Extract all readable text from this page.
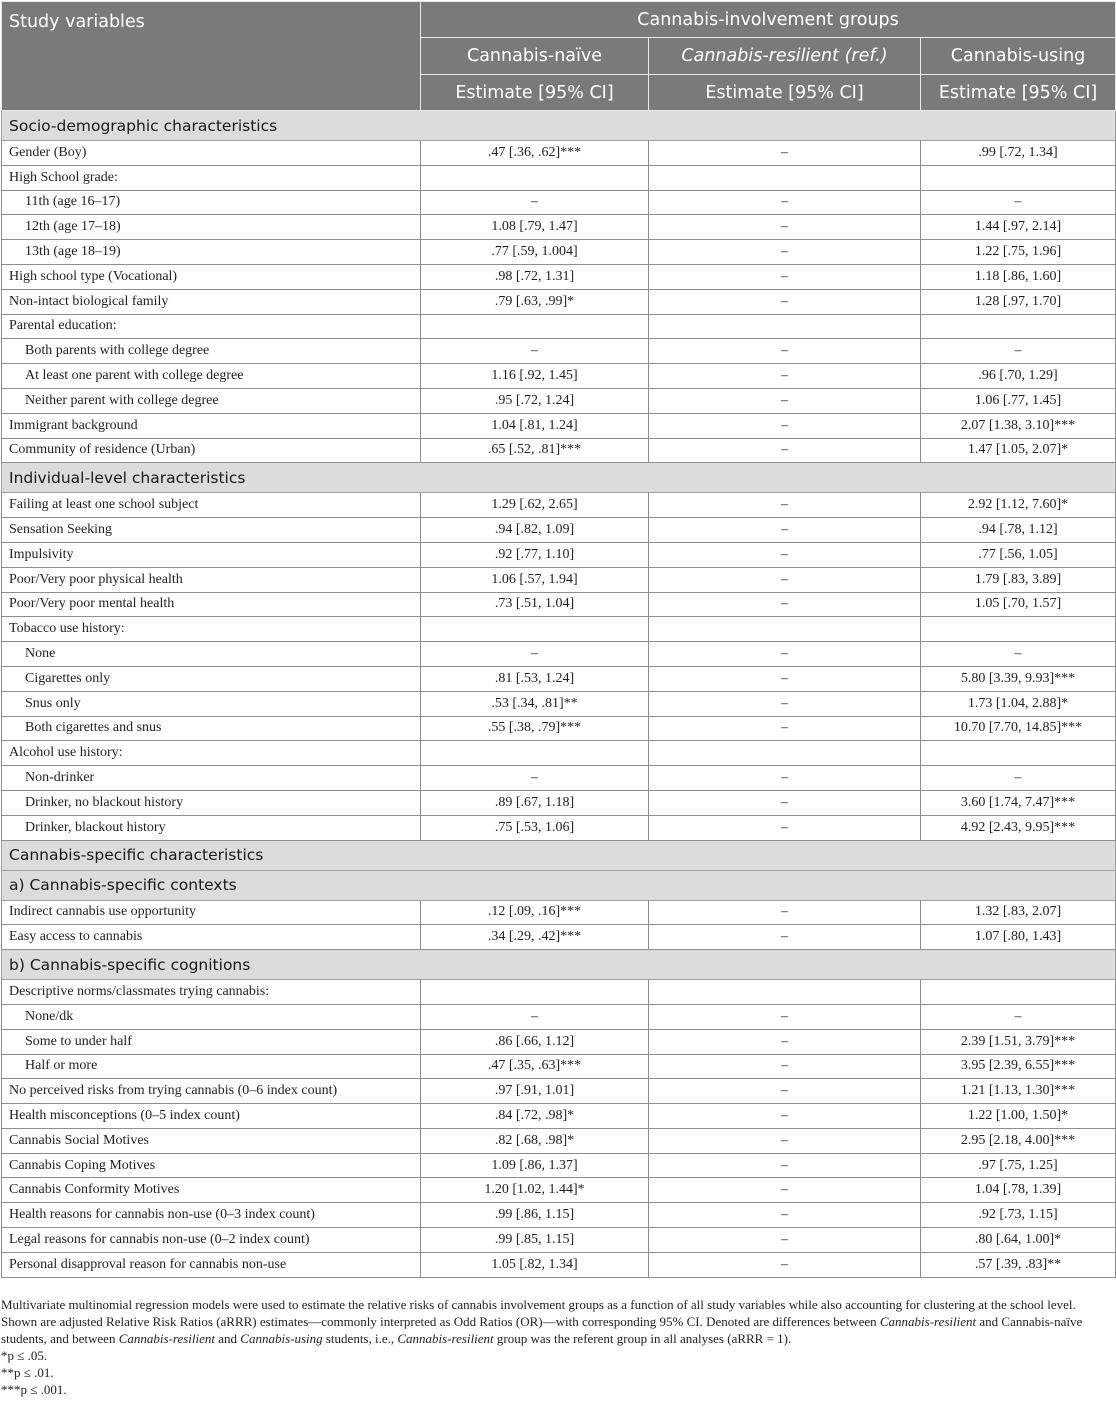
Study variables	Cannabis-involvement groups		
	Cannabis-naïve	Cannabis-resilient (ref.)	Cannabis-using
	Estimate [95% CI]	Estimate [95% CI]	Estimate [95% CI]
Socio-demographic characteristics			
Gender (Boy)	.47 [.36, .62]***	–	.99 [.72, 1.34]
High School grade:			
11th (age 16–17)	–	–	–
12th (age 17–18)	1.08 [.79, 1.47]	–	1.44 [.97, 2.14]
13th (age 18–19)	.77 [.59, 1.004]	–	1.22 [.75, 1.96]
High school type (Vocational)	.98 [.72, 1.31]	–	1.18 [.86, 1.60]
Non-intact biological family	.79 [.63, .99]*	–	1.28 [.97, 1.70]
Parental education:			
Both parents with college degree	–	–	–
At least one parent with college degree	1.16 [.92, 1.45]	–	.96 [.70, 1.29]
Neither parent with college degree	.95 [.72, 1.24]	–	1.06 [.77, 1.45]
Immigrant background	1.04 [.81, 1.24]	–	2.07 [1.38, 3.10]***
Community of residence (Urban)	.65 [.52, .81]***	–	1.47 [1.05, 2.07]*
Individual-level characteristics			
Failing at least one school subject	1.29 [.62, 2.65]	–	2.92 [1.12, 7.60]*
Sensation Seeking	.94 [.82, 1.09]	–	.94 [.78, 1.12]
Impulsivity	.92 [.77, 1.10]	–	.77 [.56, 1.05]
Poor/Very poor physical health	1.06 [.57, 1.94]	–	1.79 [.83, 3.89]
Poor/Very poor mental health	.73 [.51, 1.04]	–	1.05 [.70, 1.57]
Tobacco use history:			
None	–	–	–
Cigarettes only	.81 [.53, 1.24]	–	5.80 [3.39, 9.93]***
Snus only	.53 [.34, .81]**	–	1.73 [1.04, 2.88]*
Both cigarettes and snus	.55 [.38, .79]***	–	10.70 [7.70, 14.85]***
Alcohol use history:			
Non-drinker	–	–	–
Drinker, no blackout history	.89 [.67, 1.18]	–	3.60 [1.74, 7.47]***
Drinker, blackout history	.75 [.53, 1.06]	–	4.92 [2.43, 9.95]***
Cannabis-specific characteristics			
a) Cannabis-specific contexts			
Indirect cannabis use opportunity	.12 [.09, .16]***	–	1.32 [.83, 2.07]
Easy access to cannabis	.34 [.29, .42]***	–	1.07 [.80, 1.43]
b) Cannabis-specific cognitions			
Descriptive norms/classmates trying cannabis:			
None/dk	–	–	–
Some to under half	.86 [.66, 1.12]	–	2.39 [1.51, 3.79]***
Half or more	.47 [.35, .63]***	–	3.95 [2.39, 6.55]***
No perceived risks from trying cannabis (0–6 index count)	.97 [.91, 1.01]	–	1.21 [1.13, 1.30]***
Health misconceptions (0–5 index count)	.84 [.72, .98]*	–	1.22 [1.00, 1.50]*
Cannabis Social Motives	.82 [.68, .98]*	–	2.95 [2.18, 4.00]***
Cannabis Coping Motives	1.09 [.86, 1.37]	–	.97 [.75, 1.25]
Cannabis Conformity Motives	1.20 [1.02, 1.44]*	–	1.04 [.78, 1.39]
Health reasons for cannabis non-use (0–3 index count)	.99 [.86, 1.15]	–	.92 [.73, 1.15]
Legal reasons for cannabis non-use (0–2 index count)	.99 [.85, 1.15]	–	.80 [.64, 1.00]*
Personal disapproval reason for cannabis non-use	1.05 [.82, 1.34]	–	.57 [.39, .83]**

Multivariate multinomial regression models were used to estimate the relative risks of cannabis involvement groups as a function of all study variables while also accounting for clustering at the school level. Shown are adjusted Relative Risk Ratios (aRRR) estimates—commonly interpreted as Odd Ratios (OR)—with corresponding 95% CI. Denoted are differences between Cannabis-resilient and Cannabis-naïve students, and between Cannabis-resilient and Cannabis-using students, i.e., Cannabis-resilient group was the referent group in all analyses (aRRR = 1).

*p ≤ .05.

**p ≤ .01.

***p ≤ .001.
